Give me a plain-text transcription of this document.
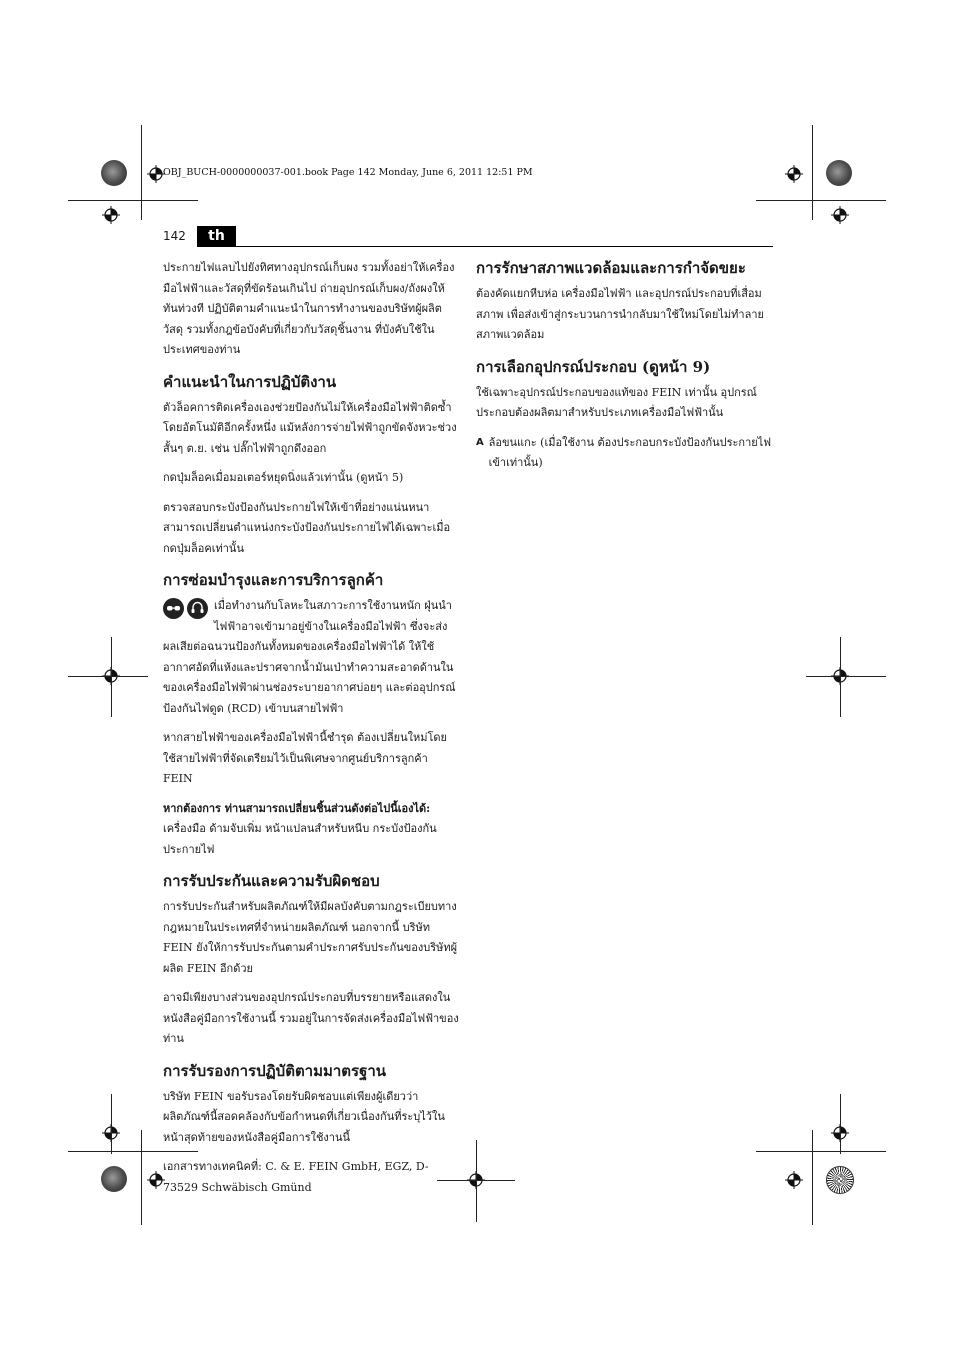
OBJ_BUCH-0000000037-001.book Page 142 Monday, June 6, 2011 12:51 PM
142	th

ประกายไฟแลบไปยังทิศทางอุปกรณ์เก็บผง รวมทั้งอย่าให้เครื่องมือไฟฟ้าและวัสดุที่ขัดร้อนเกินไป ถ่ายอุปกรณ์เก็บผง/ถังผงให้ทันท่วงที ปฏิบัติตามคำแนะนำในการทำงานของบริษัทผู้ผลิตวัสดุ รวมทั้งกฎข้อบังคับที่เกี่ยวกับวัสดุชิ้นงาน ที่บังคับใช้ในประเทศของท่าน

คำแนะนำในการปฏิบัติงาน

ตัวล็อคการติดเครื่องเองช่วยป้องกันไม่ให้เครื่องมือไฟฟ้าติดซ้ำโดยอัตโนมัติอีกครั้งหนึ่ง แม้หลังการจ่ายไฟฟ้าถูกขัดจังหวะช่วงสั้นๆ ต.ย. เช่น ปลั๊กไฟฟ้าถูกดึงออก

กดปุ่มล็อคเมื่อมอเตอร์หยุดนิ่งแล้วเท่านั้น (ดูหน้า 5)

ตรวจสอบกระบังป้องกันประกายไฟให้เข้าที่อย่างแน่นหนา สามารถเปลี่ยนตำแหน่งกระบังป้องกันประกายไฟได้เฉพาะเมื่อกดปุ่มล็อคเท่านั้น

การซ่อมบำรุงและการบริการลูกค้า

เมื่อทำงานกับโลหะในสภาวะการใช้งานหนัก ฝุ่นนำไฟฟ้าอาจเข้ามาอยู่ข้างในเครื่องมือไฟฟ้า ซึ่งจะส่งผลเสียต่อฉนวนป้องกันทั้งหมดของเครื่องมือไฟฟ้าได้ ให้ใช้อากาศอัดที่แห้งและปราศจากน้ำมันเป่าทำความสะอาดด้านในของเครื่องมือไฟฟ้าผ่านช่องระบายอากาศบ่อยๆ และต่ออุปกรณ์ป้องกันไฟดูด (RCD) เข้าบนสายไฟฟ้า

หากสายไฟฟ้าของเครื่องมือไฟฟ้านี้ชำรุด ต้องเปลี่ยนใหม่โดยใช้สายไฟฟ้าที่จัดเตรียมไว้เป็นพิเศษจากศูนย์บริการลูกค้า FEIN

หากต้องการ ท่านสามารถเปลี่ยนชิ้นส่วนดังต่อไปนี้เองได้: เครื่องมือ ด้ามจับเพิ่ม หน้าแปลนสำหรับหนีบ กระบังป้องกันประกายไฟ

การรับประกันและความรับผิดชอบ

การรับประกันสำหรับผลิตภัณฑ์ให้มีผลบังคับตามกฎระเบียบทางกฎหมายในประเทศที่จำหน่ายผลิตภัณฑ์ นอกจากนี้ บริษัท FEIN ยังให้การรับประกันตามคำประกาศรับประกันของบริษัทผู้ผลิต FEIN อีกด้วย

อาจมีเพียงบางส่วนของอุปกรณ์ประกอบที่บรรยายหรือแสดงในหนังสือคู่มือการใช้งานนี้ รวมอยู่ในการจัดส่งเครื่องมือไฟฟ้าของท่าน

การรับรองการปฏิบัติตามมาตรฐาน

บริษัท FEIN ขอรับรองโดยรับผิดชอบแต่เพียงผู้เดียวว่าผลิตภัณฑ์นี้สอดคล้องกับข้อกำหนดที่เกี่ยวเนื่องกันที่ระบุไว้ในหน้าสุดท้ายของหนังสือคู่มือการใช้งานนี้

เอกสารทางเทคนิคที่: C. & E. FEIN GmbH, EGZ, D-73529 Schwäbisch Gmünd

การรักษาสภาพแวดล้อมและการกำจัดขยะ

ต้องคัดแยกหีบห่อ เครื่องมือไฟฟ้า และอุปกรณ์ประกอบที่เสื่อมสภาพ เพื่อส่งเข้าสู่กระบวนการนำกลับมาใช้ใหม่โดยไม่ทำลายสภาพแวดล้อม

การเลือกอุปกรณ์ประกอบ (ดูหน้า 9)

ใช้เฉพาะอุปกรณ์ประกอบของแท้ของ FEIN เท่านั้น อุปกรณ์ประกอบต้องผลิตมาสำหรับประเภทเครื่องมือไฟฟ้านั้น

A ล้อขนแกะ (เมื่อใช้งาน ต้องประกอบกระบังป้องกันประกายไฟเข้าเท่านั้น)
